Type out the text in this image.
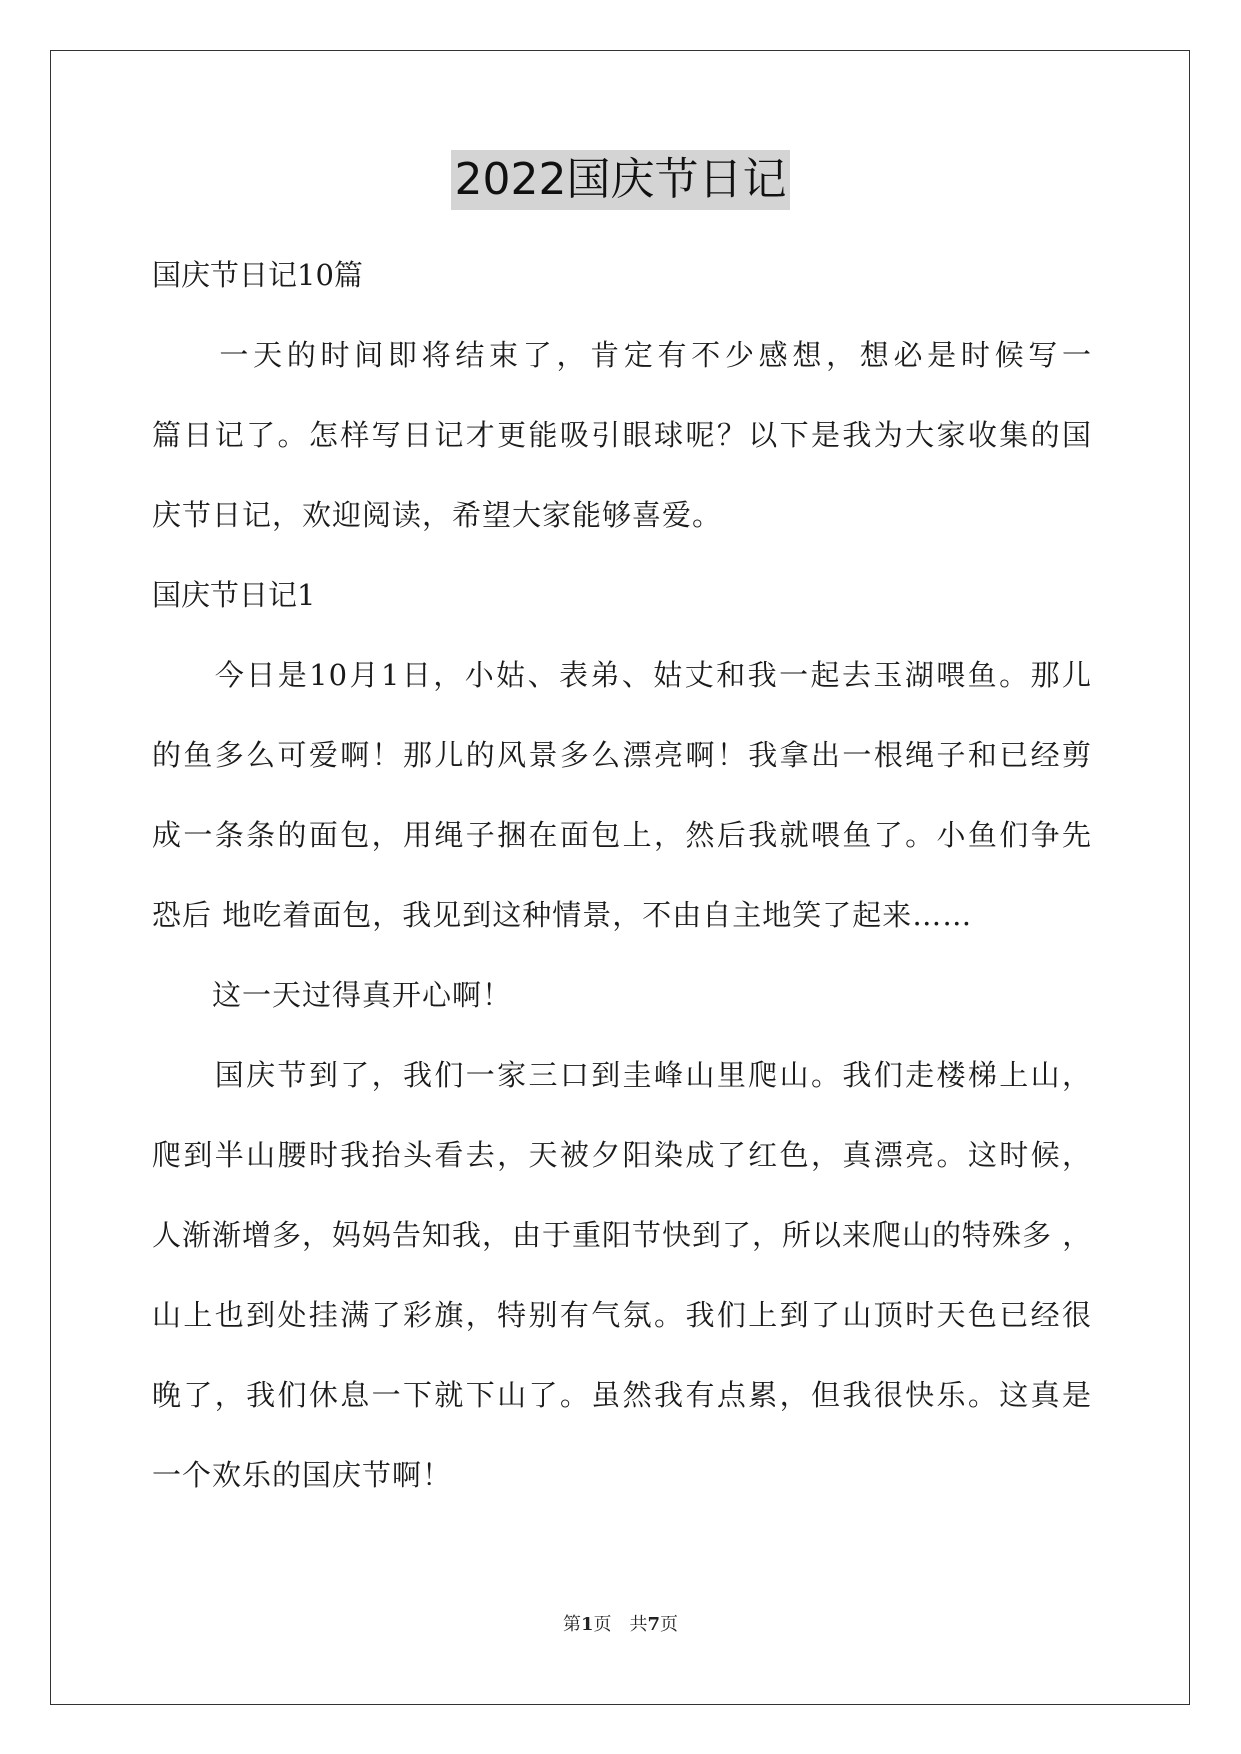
2022国庆节日记
国庆节日记10篇
　　一天的时间即将结束了，肯定有不少感想，想必是时候写一
篇日记了。怎样写日记才更能吸引眼球呢？以下是我为大家收集的国
庆节日记，欢迎阅读，希望大家能够喜爱。
国庆节日记1
　　今日是10月1日，小姑、表弟、姑丈和我一起去玉湖喂鱼。那儿
的鱼多么可爱啊！那儿的风景多么漂亮啊！我拿出一根绳子和已经剪
成一条条的面包，用绳子捆在面包上，然后我就喂鱼了。小鱼们争先
恐后 地吃着面包，我见到这种情景，不由自主地笑了起来……
　　这一天过得真开心啊！
　　国庆节到了，我们一家三口到圭峰山里爬山。我们走楼梯上山，
爬到半山腰时我抬头看去，天被夕阳染成了红色，真漂亮。这时候，
人渐渐增多，妈妈告知我，由于重阳节快到了，所以来爬山的特殊多 ，
山上也到处挂满了彩旗，特别有气氛。我们上到了山顶时天色已经很
晚了，我们休息一下就下山了。虽然我有点累，但我很快乐。这真是
一个欢乐的国庆节啊！
第1页　共7页
